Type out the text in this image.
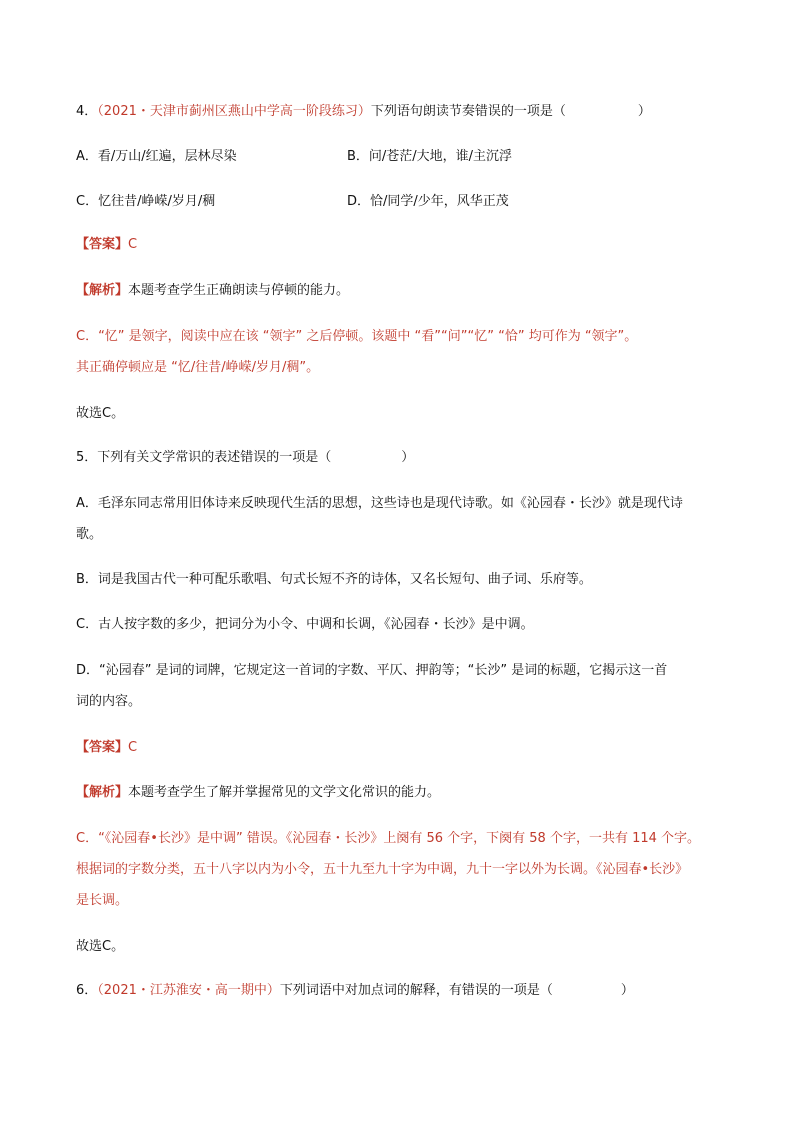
4．（2021・天津市蓟州区燕山中学高一阶段练习）下列语句朗读节奏错误的一项是（	）
A．看/万山/红遍，层林尽染	B．问/苍茫/大地，谁/主沉浮
C．忆往昔/峥嵘/岁月/稠	D．恰/同学/少年，风华正茂
【答案】C
【解析】本题考查学生正确朗读与停顿的能力。
C．“忆” 是领字，阅读中应在该 “领字” 之后停顿。该题中 “看”“问”“忆” “恰” 均可作为 “领字”。
其正确停顿应是 “忆/往昔/峥嵘/岁月/稠”。
故选C。
5．下列有关文学常识的表述错误的一项是（	）
A．毛泽东同志常用旧体诗来反映现代生活的思想，这些诗也是现代诗歌。如《沁园春・长沙》就是现代诗
歌。
B．词是我国古代一种可配乐歌唱、句式长短不齐的诗体，又名长短句、曲子词、乐府等。
C．古人按字数的多少，把词分为小令、中调和长调，《沁园春・长沙》是中调。
D．“沁园春” 是词的词牌，它规定这一首词的字数、平仄、押韵等；“长沙” 是词的标题，它揭示这一首
词的内容。
【答案】C
【解析】本题考查学生了解并掌握常见的文学文化常识的能力。
C．“《沁园春•长沙》是中调” 错误。《沁园春・长沙》上阕有 56 个字，下阕有 58 个字，一共有 114 个字。
根据词的字数分类，五十八字以内为小令，五十九至九十字为中调，九十一字以外为长调。《沁园春•长沙》
是长调。
故选C。
6．（2021・江苏淮安・高一期中）下列词语中对加点词的解释，有错误的一项是（	）
